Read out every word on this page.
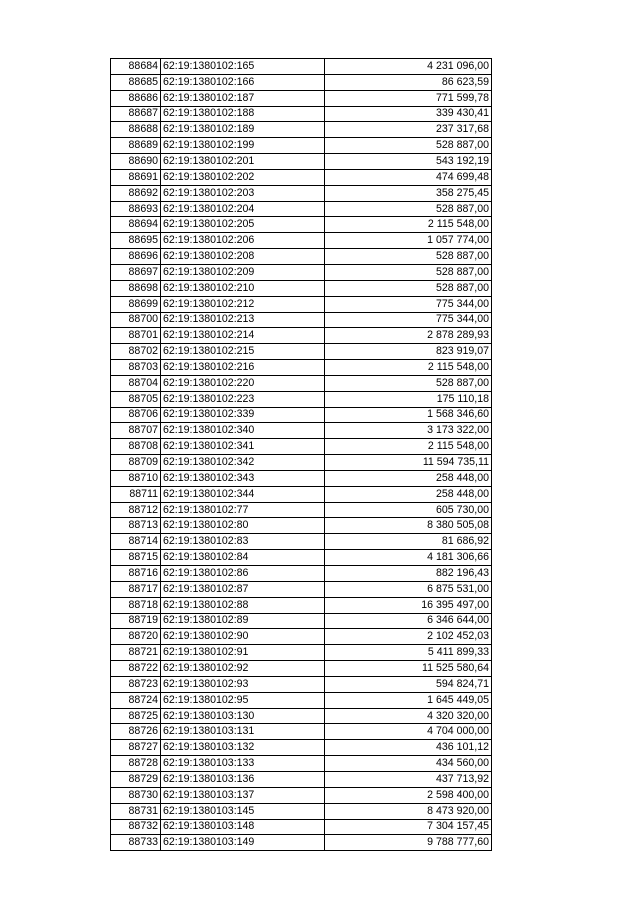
88684	62:19:1380102:165	4 231 096,00
88685	62:19:1380102:166	86 623,59
88686	62:19:1380102:187	771 599,78
88687	62:19:1380102:188	339 430,41
88688	62:19:1380102:189	237 317,68
88689	62:19:1380102:199	528 887,00
88690	62:19:1380102:201	543 192,19
88691	62:19:1380102:202	474 699,48
88692	62:19:1380102:203	358 275,45
88693	62:19:1380102:204	528 887,00
88694	62:19:1380102:205	2 115 548,00
88695	62:19:1380102:206	1 057 774,00
88696	62:19:1380102:208	528 887,00
88697	62:19:1380102:209	528 887,00
88698	62:19:1380102:210	528 887,00
88699	62:19:1380102:212	775 344,00
88700	62:19:1380102:213	775 344,00
88701	62:19:1380102:214	2 878 289,93
88702	62:19:1380102:215	823 919,07
88703	62:19:1380102:216	2 115 548,00
88704	62:19:1380102:220	528 887,00
88705	62:19:1380102:223	175 110,18
88706	62:19:1380102:339	1 568 346,60
88707	62:19:1380102:340	3 173 322,00
88708	62:19:1380102:341	2 115 548,00
88709	62:19:1380102:342	11 594 735,11
88710	62:19:1380102:343	258 448,00
88711	62:19:1380102:344	258 448,00
88712	62:19:1380102:77	605 730,00
88713	62:19:1380102:80	8 380 505,08
88714	62:19:1380102:83	81 686,92
88715	62:19:1380102:84	4 181 306,66
88716	62:19:1380102:86	882 196,43
88717	62:19:1380102:87	6 875 531,00
88718	62:19:1380102:88	16 395 497,00
88719	62:19:1380102:89	6 346 644,00
88720	62:19:1380102:90	2 102 452,03
88721	62:19:1380102:91	5 411 899,33
88722	62:19:1380102:92	11 525 580,64
88723	62:19:1380102:93	594 824,71
88724	62:19:1380102:95	1 645 449,05
88725	62:19:1380103:130	4 320 320,00
88726	62:19:1380103:131	4 704 000,00
88727	62:19:1380103:132	436 101,12
88728	62:19:1380103:133	434 560,00
88729	62:19:1380103:136	437 713,92
88730	62:19:1380103:137	2 598 400,00
88731	62:19:1380103:145	8 473 920,00
88732	62:19:1380103:148	7 304 157,45
88733	62:19:1380103:149	9 788 777,60
